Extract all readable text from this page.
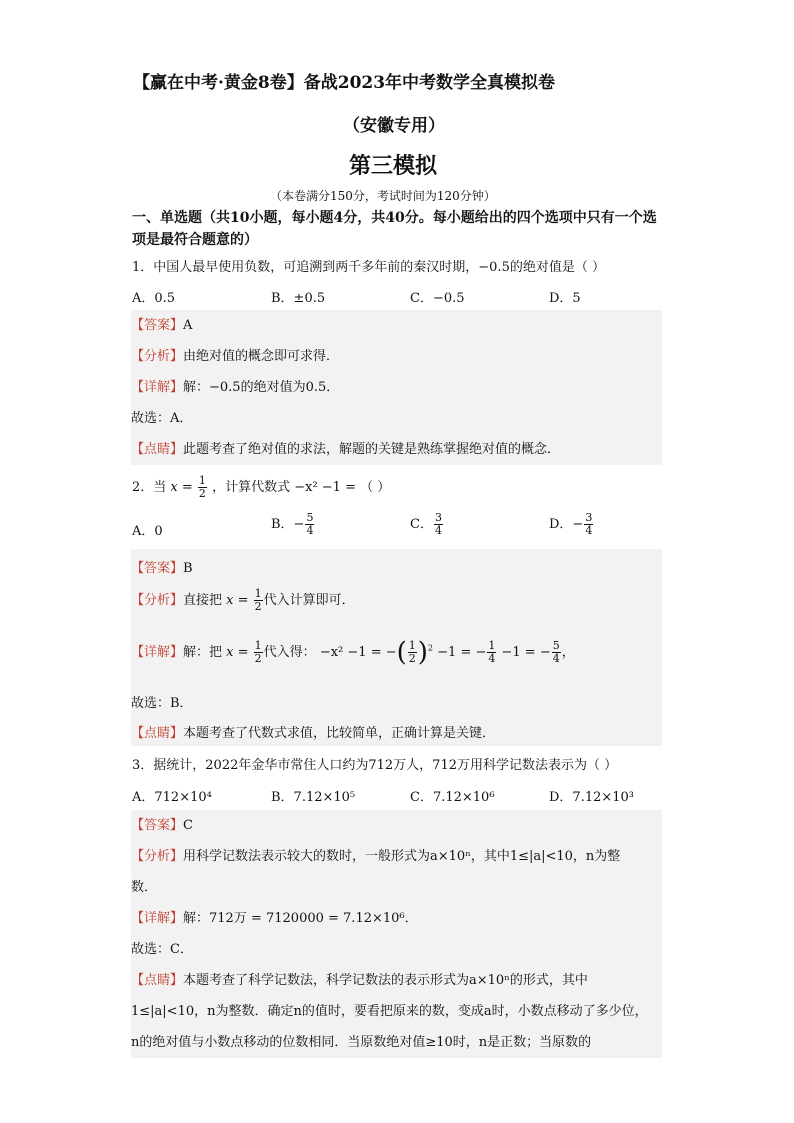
【赢在中考·黄金8卷】备战2023年中考数学全真模拟卷
（安徽专用）
第三模拟
（本卷满分150分，考试时间为120分钟）
一、单选题（共10小题，每小题4分，共40分。每小题给出的四个选项中只有一个选项是最符合题意的）
1．中国人最早使用负数，可追溯到两千多年前的秦汉时期，−0.5的绝对值是（ ）
A．0.5	B．±0.5	C．−0.5	D．5
【答案】A
【分析】由绝对值的概念即可求得．
【详解】解：−0.5的绝对值为0.5．
故选：A．
【点睛】此题考查了绝对值的求法，解题的关键是熟练掌握绝对值的概念．
2．当 $x = \frac{1}{2}$ ，计算代数式 −x² −1 = （ ）
A．0	B．− $\frac{5}{4}$	C． $\frac{3}{4}$	D．− $\frac{3}{4}$
【答案】B
【分析】直接把 $x = \frac{1}{2}$ 代入计算即可．
【详解】解：把 $x = \frac{1}{2}$ 代入得： −x² −1 = −( $\frac{1}{2} )^2 -1$ = − $\frac{1}{4} -1$ = − $\frac{5}{4}$ ，
故选：B．
【点睛】本题考查了代数式求值，比较简单，正确计算是关键．
3．据统计，2022年金华市常住人口约为712万人，712万用科学记数法表示为（ ）
A．712×10⁴	B．7.12×10⁵	C．7.12×10⁶	D．7.12×10³
【答案】C
【分析】用科学记数法表示较大的数时，一般形式为a×10ⁿ，其中1≤|a|<10，n为整
数．
【详解】解：712万 = 7120000 = 7.12×10⁶．
故选：C．
【点睛】本题考查了科学记数法，科学记数法的表示形式为a×10ⁿ的形式，其中
1≤|a|<10，n为整数．确定n的值时，要看把原来的数，变成a时，小数点移动了多少位，
n的绝对值与小数点移动的位数相同．当原数绝对值≥10时，n是正数；当原数的
